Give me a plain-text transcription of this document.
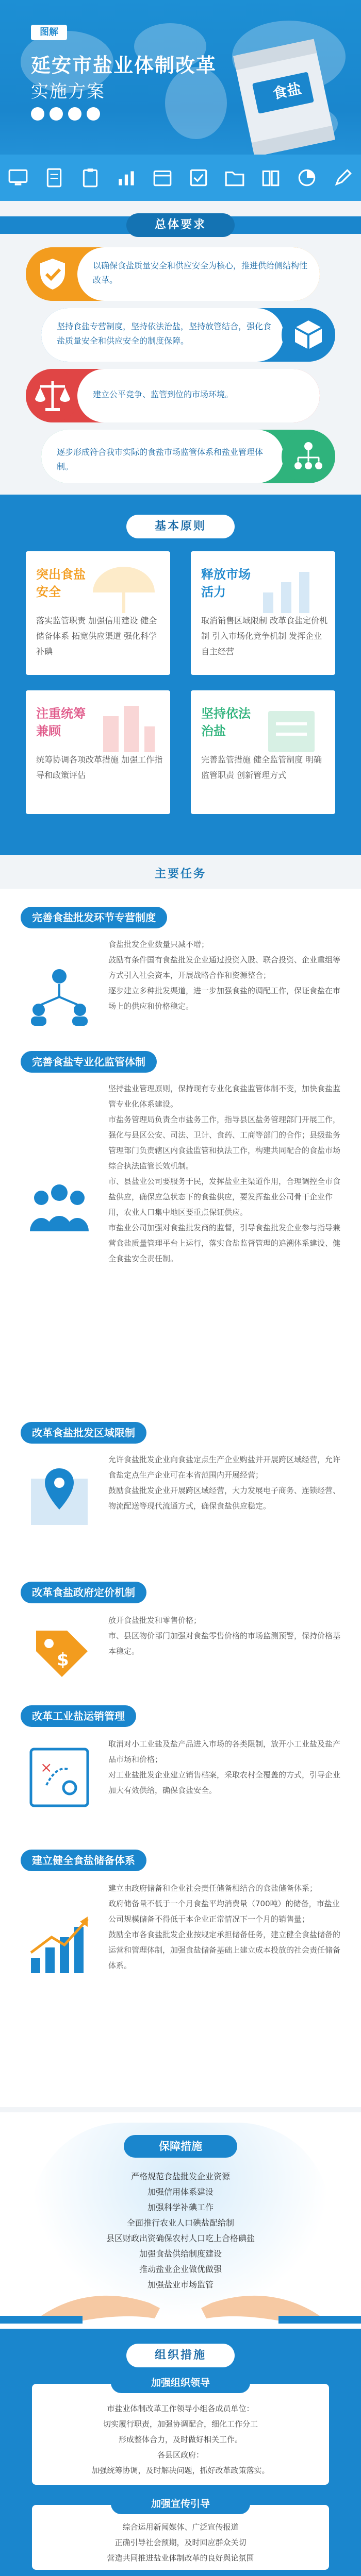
图解
延安市盐业体制改革
实施方案	食盐
总体要求
以确保食盐质量安全和供应安全为核心，推进供给侧结构性改革。
坚持食盐专营制度，坚持依法治盐，坚持放管结合，强化食盐质量安全和供应安全的制度保障。
建立公平竞争、监管到位的市场环境。
逐步形成符合我市实际的食盐市场监管体系和盐业管理体制。
基本原则
突出食盐安全
落实监管职责 加强信用建设 健全储备体系 拓宽供应渠道 强化科学补碘
释放市场活力
取消销售区域限制 改革食盐定价机制 引入市场化竞争机制 发挥企业自主经营
注重统筹兼顾
统筹协调各项改革措施 加强工作指导和政策评估
坚持依法治盐
完善监管措施 健全监管制度 明确监管职责 创新管理方式
主要任务
完善食盐批发环节专营制度

食盐批发企业数量只减不增；

鼓励有条件国有食盐批发企业通过投资入股、联合投资、企业重组等方式引入社会资本，开展战略合作和资源整合；

逐步建立多种批发渠道，进一步加强食盐的调配工作，保证食盐在市场上的供应和价格稳定。

完善食盐专业化监管体制

坚持盐业管理原则，保持现有专业化食盐监管体制不变，加快食盐监管专业化体系建设。

市盐务管理局负责全市盐务工作，指导县区盐务管理部门开展工作，强化与县区公安、司法、卫计、食药、工商等部门的合作；县级盐务管理部门负责辖区内食盐监管和执法工作，构建共同配合的食盐市场综合执法监管长效机制。

市、县盐业公司要服务于民，发挥盐业主渠道作用，合理调控全市食盐供应，确保应急状态下的食盐供应，要发挥盐业公司骨干企业作用，农业人口集中地区要重点保证供应。

市盐业公司加强对食盐批发商的监督，引导食盐批发企业参与指导兼营食盐质量管理平台上运行，落实食盐监督管理的追溯体系建设、健全食盐安全责任制。

改革食盐批发区域限制

允许食盐批发企业向食盐定点生产企业购盐并开展跨区域经营，允许食盐定点生产企业可在本省范围内开展经营；

鼓励食盐批发企业开展跨区域经营，大力发展电子商务、连锁经营、物流配送等现代流通方式，确保食盐供应稳定。

改革食盐政府定价机制
$

放开食盐批发和零售价格；

市、县区物价部门加强对食盐零售价格的市场监测预警，保持价格基本稳定。

改革工业盐运销管理
×

取消对小工业盐及盐产品进入市场的各类限制，放开小工业盐及盐产品市场和价格；

对工业盐批发企业建立销售档案，采取农村全覆盖的方式，引导企业加大有效供给，确保食盐安全。

建立健全食盐储备体系

建立由政府储备和企业社会责任储备相结合的食盐储备体系；

政府储备量不低于一个月食盐平均消费量（700吨）的储备，市盐业公司规模储备不得低于本企业正常情况下一个月的销售量；

鼓励全市各食盐批发企业按规定承担储备任务，建立健全食盐储备的运营和管理体制，加强食盐储备基础上建立成本投放的社会责任储备体系。

保障措施

严格规范食盐批发企业资源

加强信用体系建设

加强科学补碘工作

全面推行农业人口碘盐配给制

县区财政出资确保农村人口吃上合格碘盐

加强食盐供给制度建设

推动盐业企业做优做强

加强盐业市场监管

组织措施
加强组织领导

市盐业体制改革工作领导小组各成员单位：

切实履行职责，加强协调配合，细化工作分工

形成整体合力，及时做好相关工作。

各县区政府：

加强统筹协调，及时解决问题，抓好改革政策落实。

加强宣传引导

综合运用新闻媒体、广泛宣传报道

正确引导社会预期，及时回应群众关切

营造共同推进盐业体制改革的良好舆论氛围
